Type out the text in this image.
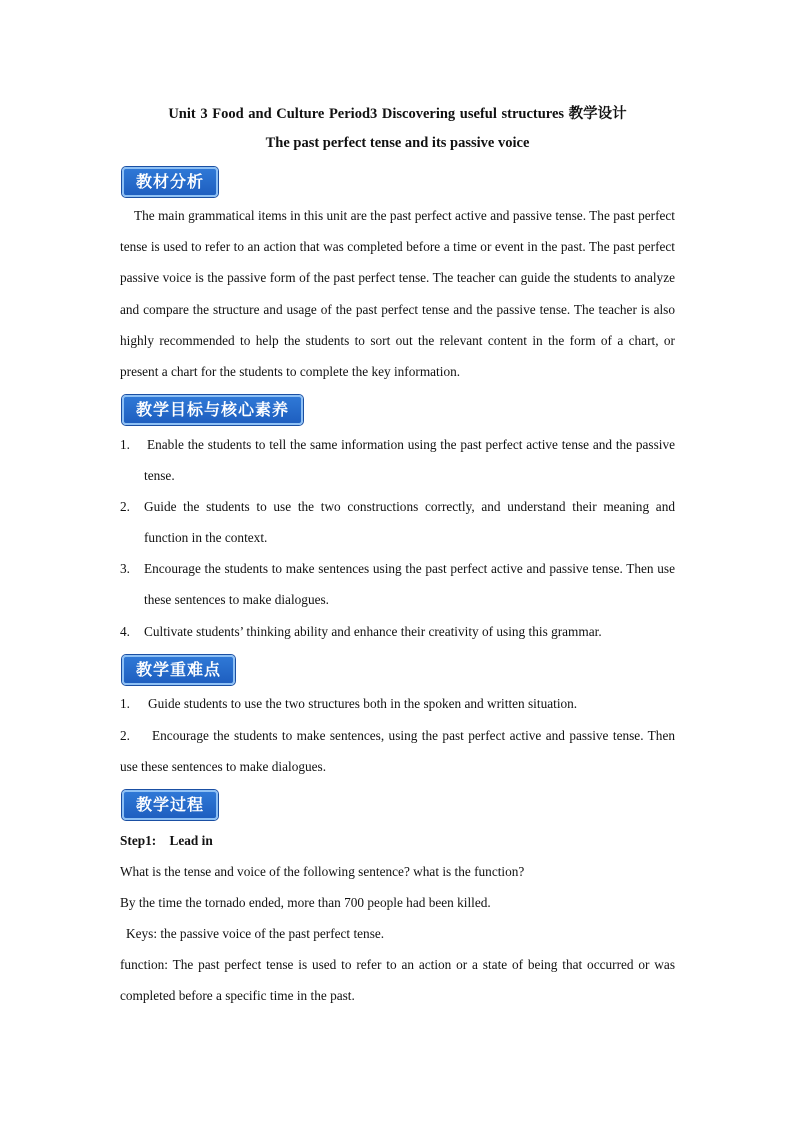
Unit 3 Food and Culture Period3 Discovering useful structures 教学设计
The past perfect tense and its passive voice
教材分析
The main grammatical items in this unit are the past perfect active and passive tense. The past perfect tense is used to refer to an action that was completed before a time or event in the past. The past perfect passive voice is the passive form of the past perfect tense. The teacher can guide the students to analyze and compare the structure and usage of the past perfect tense and the passive tense. The teacher is also highly recommended to help the students to sort out the relevant content in the form of a chart, or present a chart for the students to complete the key information.
教学目标与核心素养
1.	Enable the students to tell the same information using the past perfect active tense and the passive tense.
2.	Guide the students to use the two constructions correctly, and understand their meaning and function in the context.
3.	Encourage the students to make sentences using the past perfect active and passive tense. Then use these sentences to make dialogues.
4.	Cultivate students’ thinking ability and enhance their creativity of using this grammar.
教学重难点
1.	Guide students to use the two structures both in the spoken and written situation.
2. Encourage the students to make sentences, using the past perfect active and passive tense. Then use these sentences to make dialogues.
教学过程
Step1: Lead in
What is the tense and voice of the following sentence? what is the function?
By the time the tornado ended, more than 700 people had been killed.
Keys: the passive voice of the past perfect tense.
function: The past perfect tense is used to refer to an action or a state of being that occurred or was completed before a specific time in the past.
